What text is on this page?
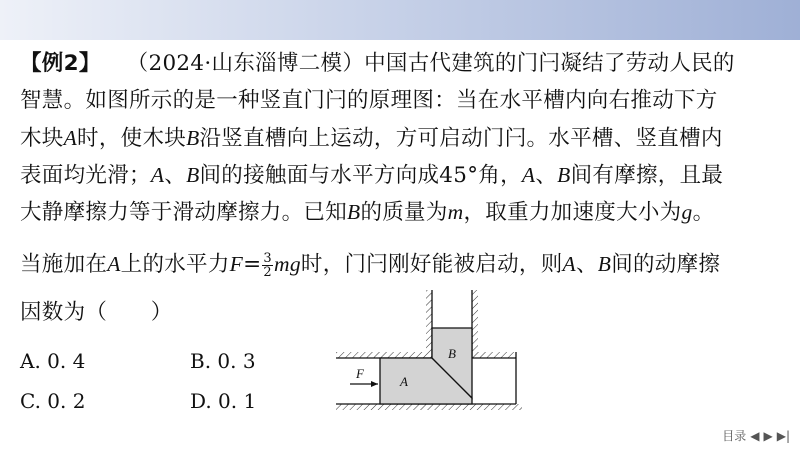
【例2】 （2024·山东淄博二模）中国古代建筑的门闩凝结了劳动人民的
智慧。如图所示的是一种竖直门闩的原理图：当在水平槽内向右推动下方
木块A时，使木块B沿竖直槽向上运动，方可启动门闩。水平槽、竖直槽内
表面均光滑；A、B间的接触面与水平方向成45°角，A、B间有摩擦，且最
大静摩擦力等于滑动摩擦力。已知B的质量为m，取重力加速度大小为g。
当施加在A上的水平力$F= \frac{3}{2}$ mg时，门闩刚好能被启动，则A、B间的动摩擦
因数为（　　）
A. 0. 4	B. 0. 3
C. 0. 2	D. 0. 1
F
A
B
目录 ◀ ▶ ▶|
